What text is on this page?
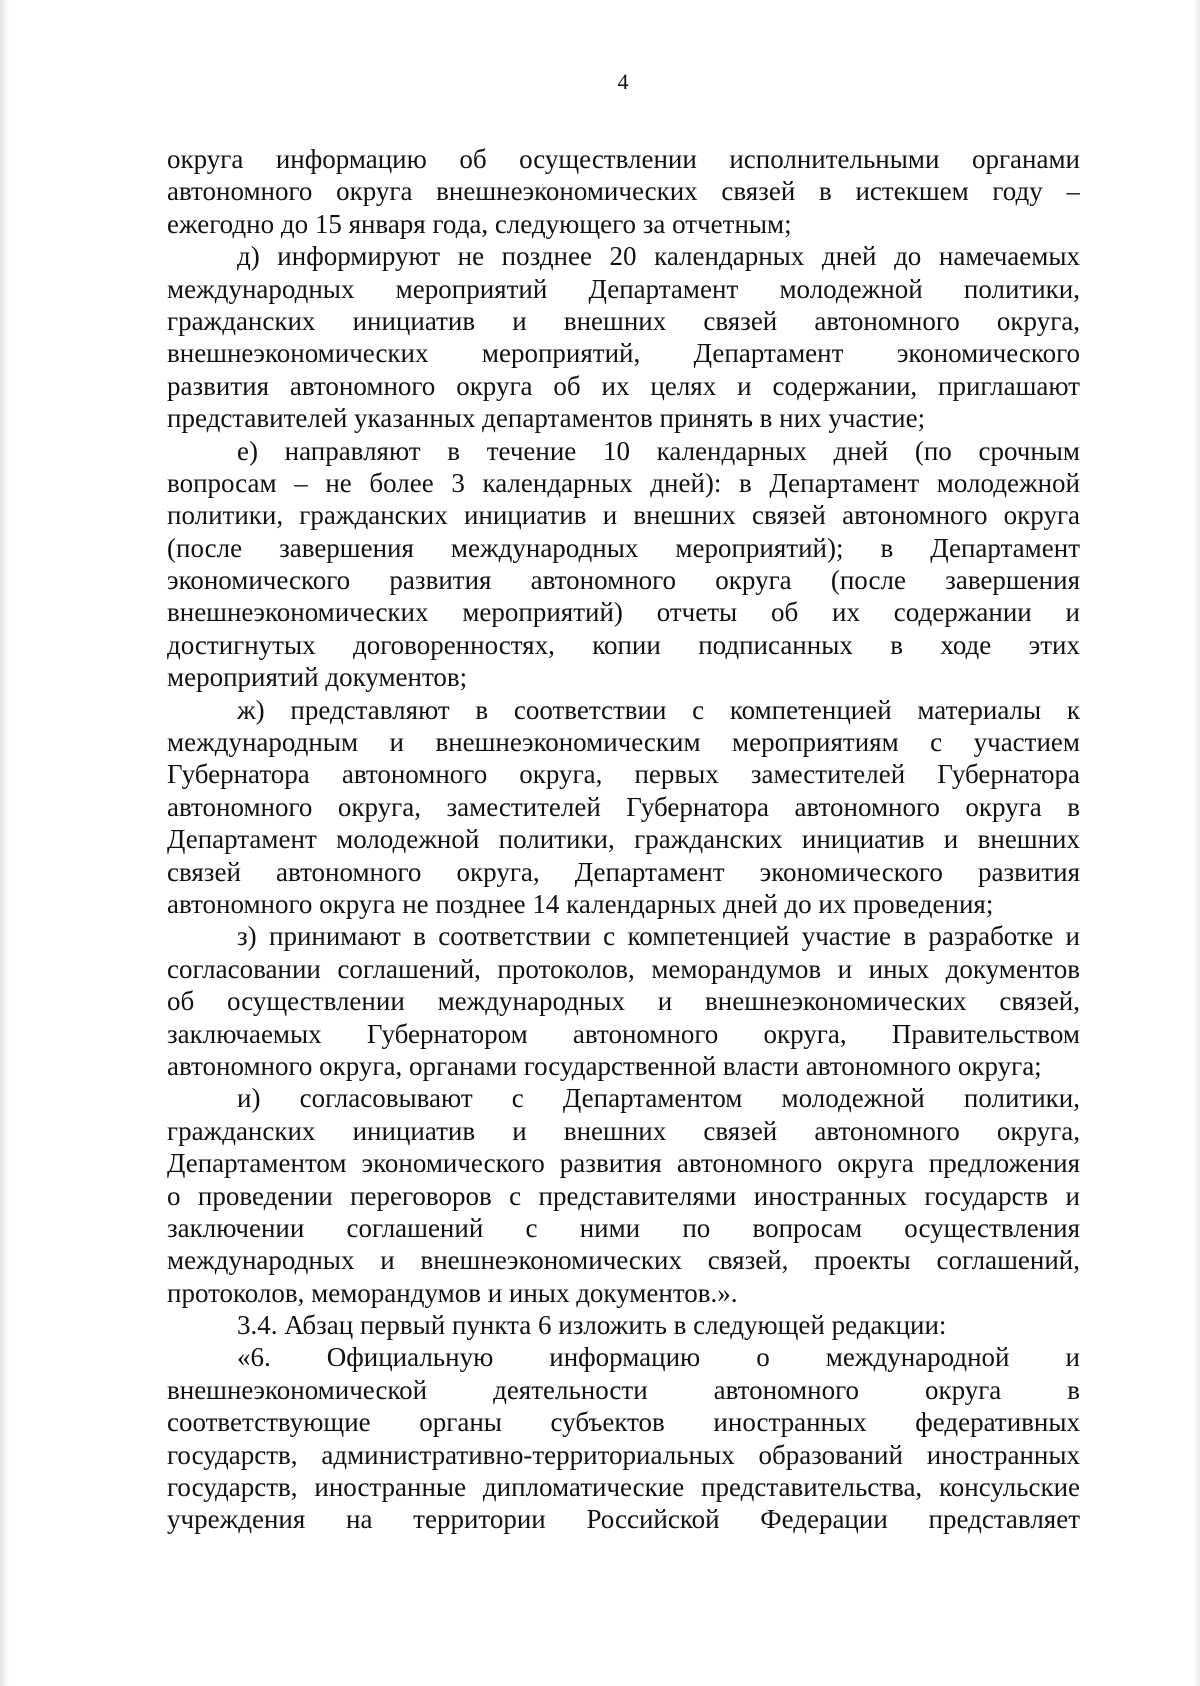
4
округа информацию об осуществлении исполнительными органами
автономного округа внешнеэкономических связей в истекшем году –
ежегодно до 15 января года, следующего за отчетным;
д) информируют не позднее 20 календарных дней до намечаемых
международных мероприятий Департамент молодежной политики,
гражданских инициатив и внешних связей автономного округа,
внешнеэкономических мероприятий, Департамент экономического
развития автономного округа об их целях и содержании, приглашают
представителей указанных департаментов принять в них участие;
е) направляют в течение 10 календарных дней (по срочным
вопросам – не более 3 календарных дней): в Департамент молодежной
политики, гражданских инициатив и внешних связей автономного округа
(после завершения международных мероприятий); в Департамент
экономического развития автономного округа (после завершения
внешнеэкономических мероприятий) отчеты об их содержании и
достигнутых договоренностях, копии подписанных в ходе этих
мероприятий документов;
ж) представляют в соответствии с компетенцией материалы к
международным и внешнеэкономическим мероприятиям с участием
Губернатора автономного округа, первых заместителей Губернатора
автономного округа, заместителей Губернатора автономного округа в
Департамент молодежной политики, гражданских инициатив и внешних
связей автономного округа, Департамент экономического развития
автономного округа не позднее 14 календарных дней до их проведения;
з) принимают в соответствии с компетенцией участие в разработке и
согласовании соглашений, протоколов, меморандумов и иных документов
об осуществлении международных и внешнеэкономических связей,
заключаемых Губернатором автономного округа, Правительством
автономного округа, органами государственной власти автономного округа;
и) согласовывают с Департаментом молодежной политики,
гражданских инициатив и внешних связей автономного округа,
Департаментом экономического развития автономного округа предложения
о проведении переговоров с представителями иностранных государств и
заключении соглашений с ними по вопросам осуществления
международных и внешнеэкономических связей, проекты соглашений,
протоколов, меморандумов и иных документов.».
3.4. Абзац первый пункта 6 изложить в следующей редакции:
«6. Официальную информацию о международной и
внешнеэкономической деятельности автономного округа в
соответствующие органы субъектов иностранных федеративных
государств, административно-территориальных образований иностранных
государств, иностранные дипломатические представительства, консульские
учреждения на территории Российской Федерации представляет
